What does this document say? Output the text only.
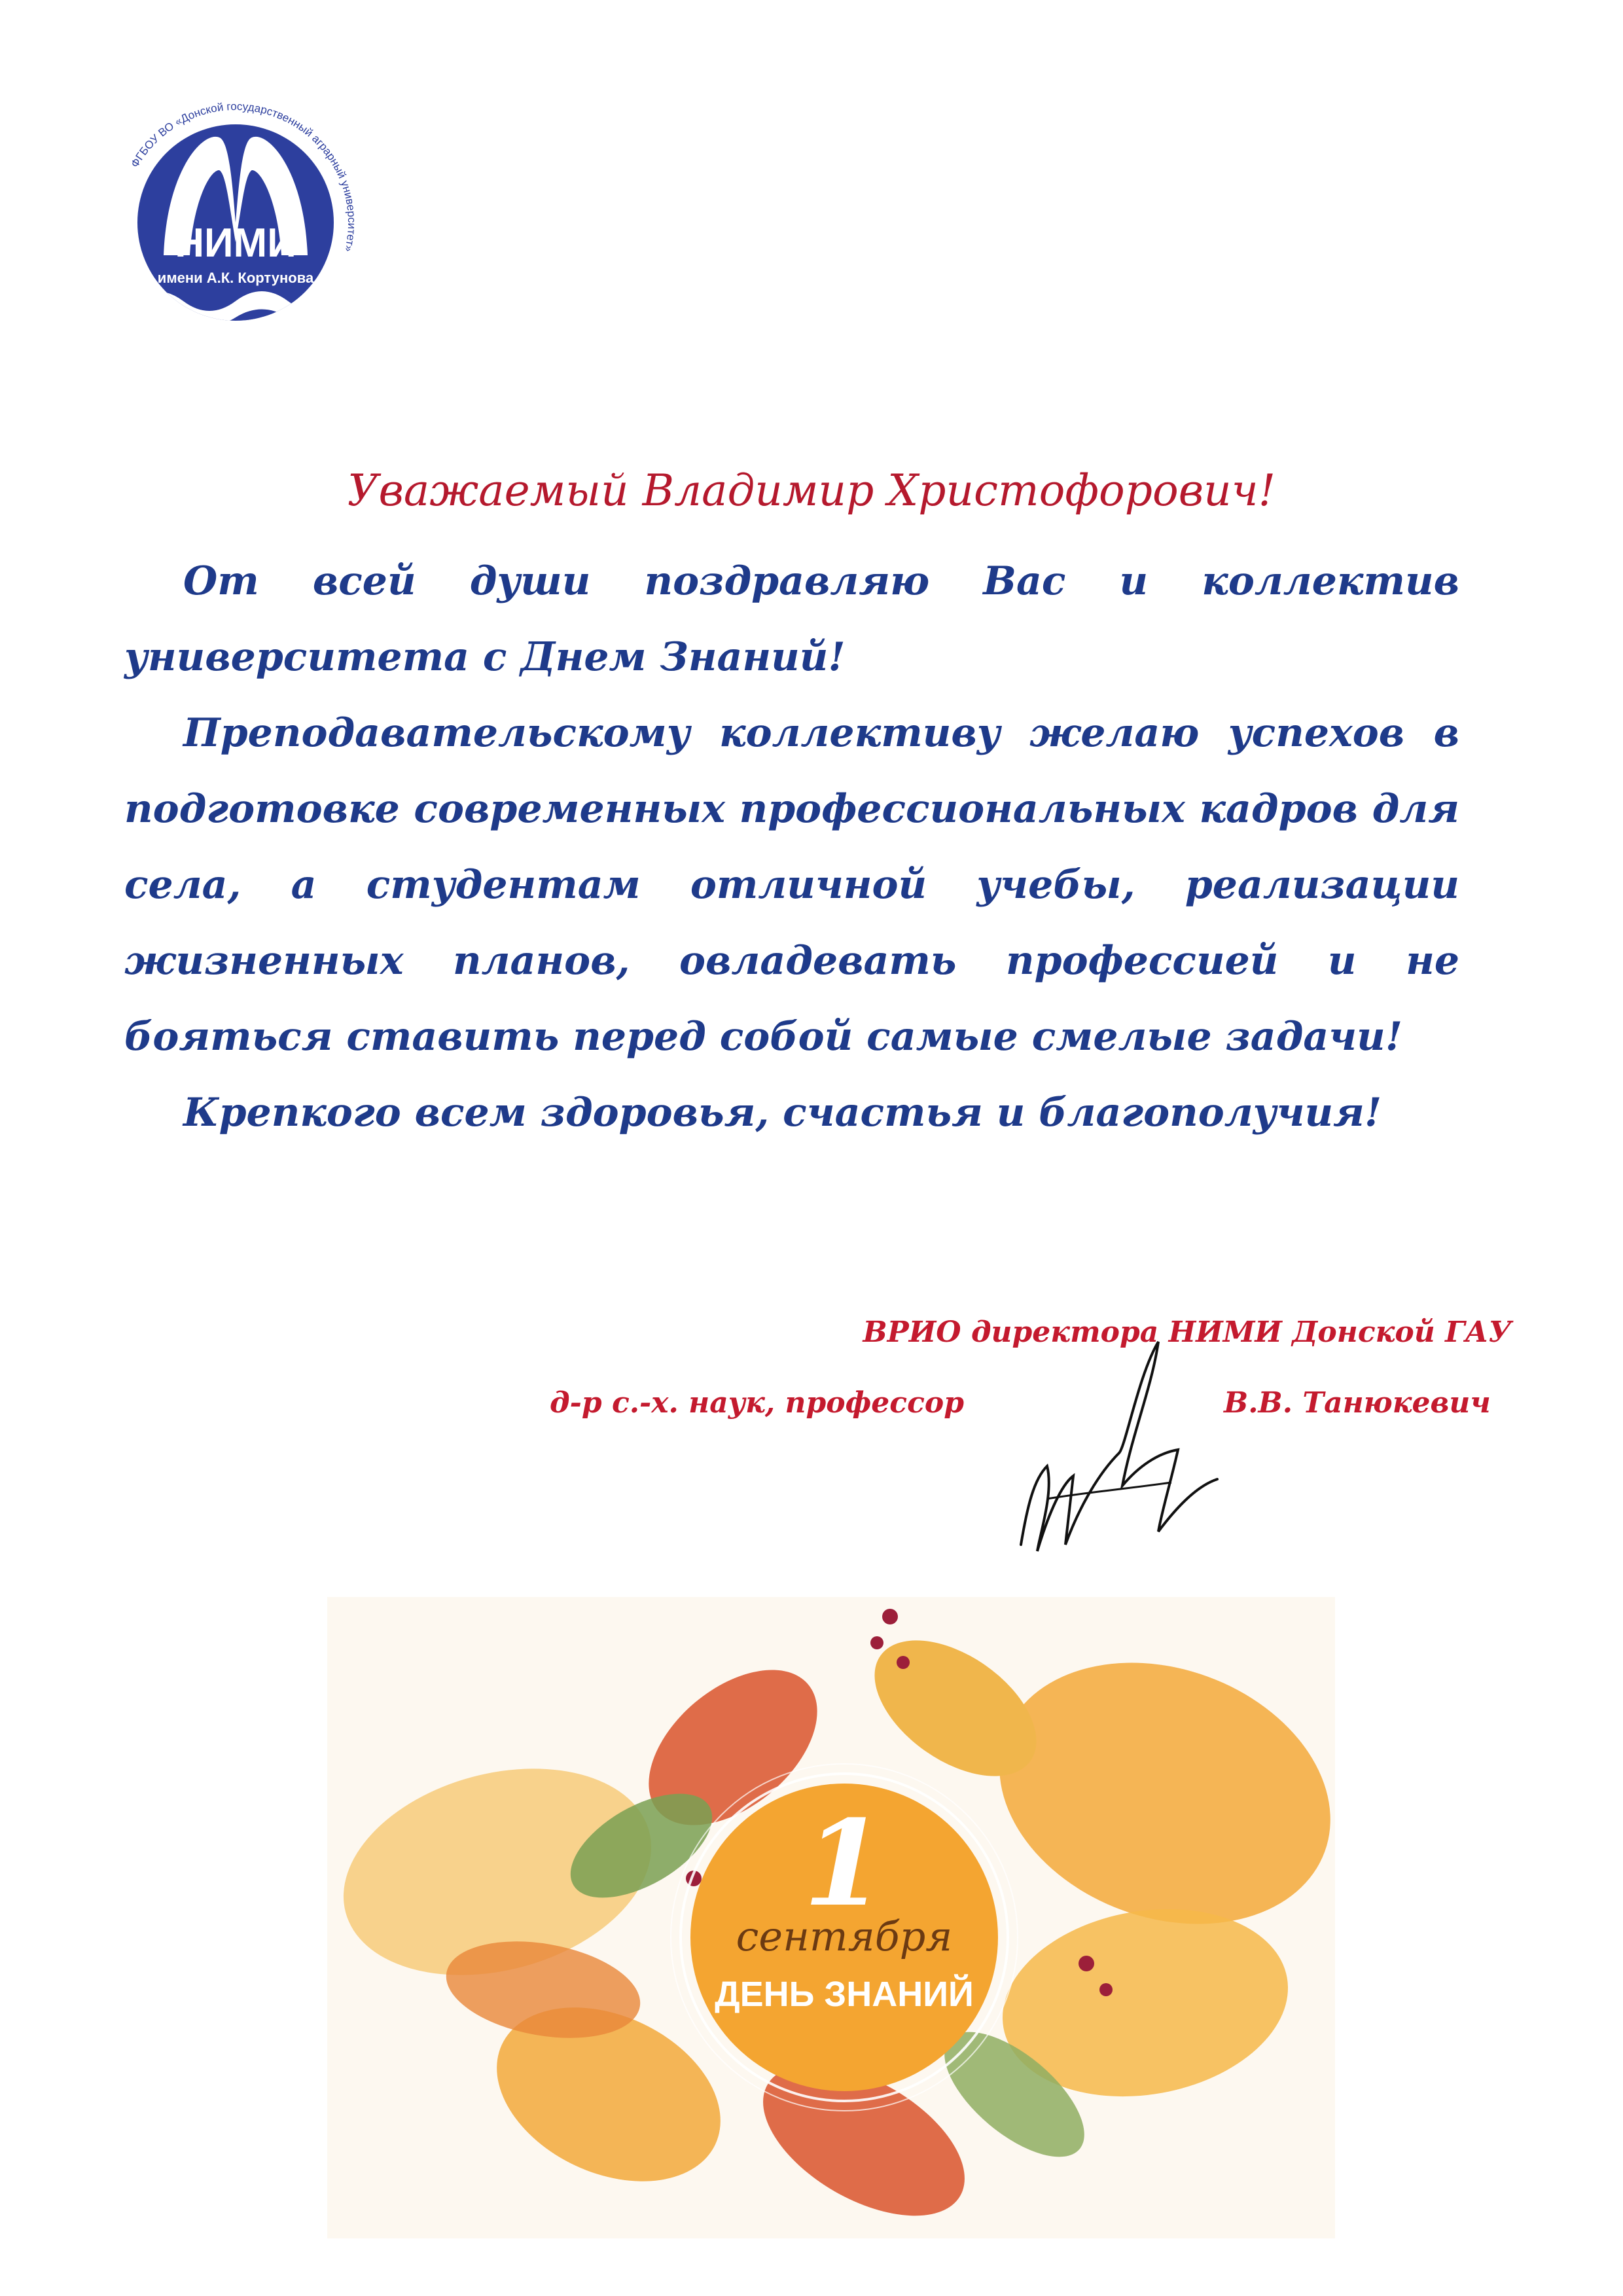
НИМИ
имени А.К. Кортунова
ФГБОУ ВО «Донской государственный аграрный университет»
Уважаемый Владимир Христофорович!

От всей души поздравляю Вас и коллектив университета с Днем Знаний!

Преподавательскому коллективу желаю успехов в подготовке современных профессиональных кадров для села, а студентам отличной учебы, реализации жизненных планов, овладевать профессией и не бояться ставить перед собой самые смелые задачи!

Крепкого всем здоровья, счастья и благополучия!

ВРИО директора НИМИ Донской ГАУ
д-р с.-х. наук, профессор	В.В. Танюкевич
1
сентября
ДЕНЬ ЗНАНИЙ
